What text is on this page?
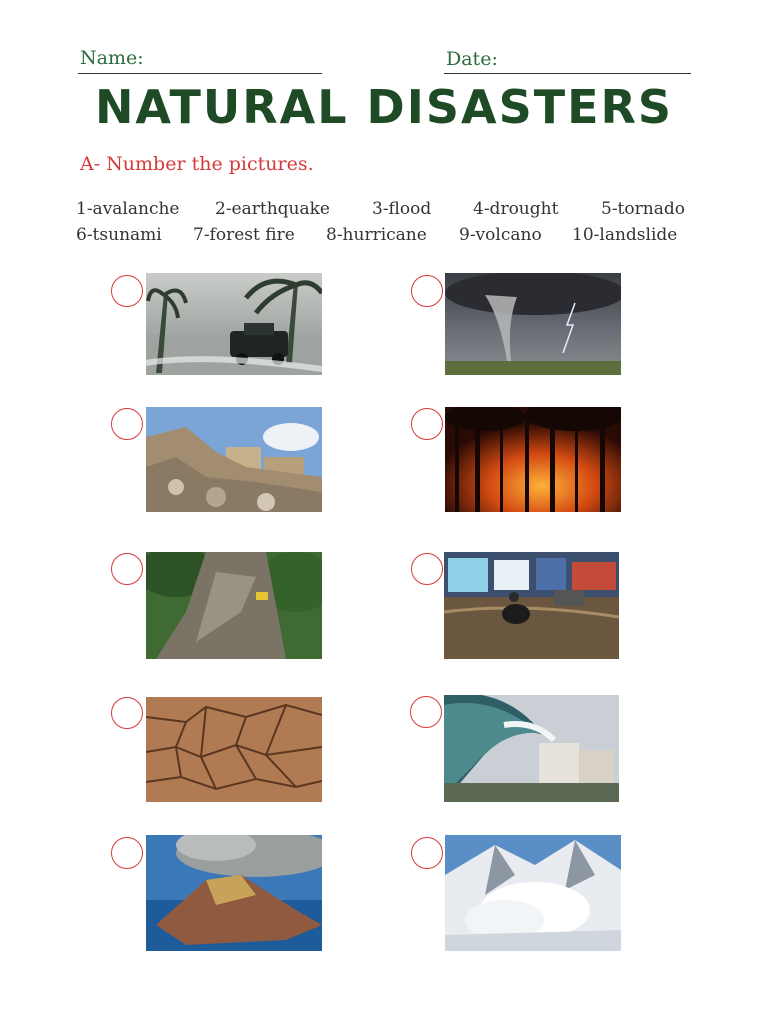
Name:	Date:
NATURAL DISASTERS
A- Number the pictures.
1-avalanche 2-earthquake 3-flood 4-drought	5-tornado
6-tsunami 7-forest fire 8-hurricane 9-volcano 10-landslide
